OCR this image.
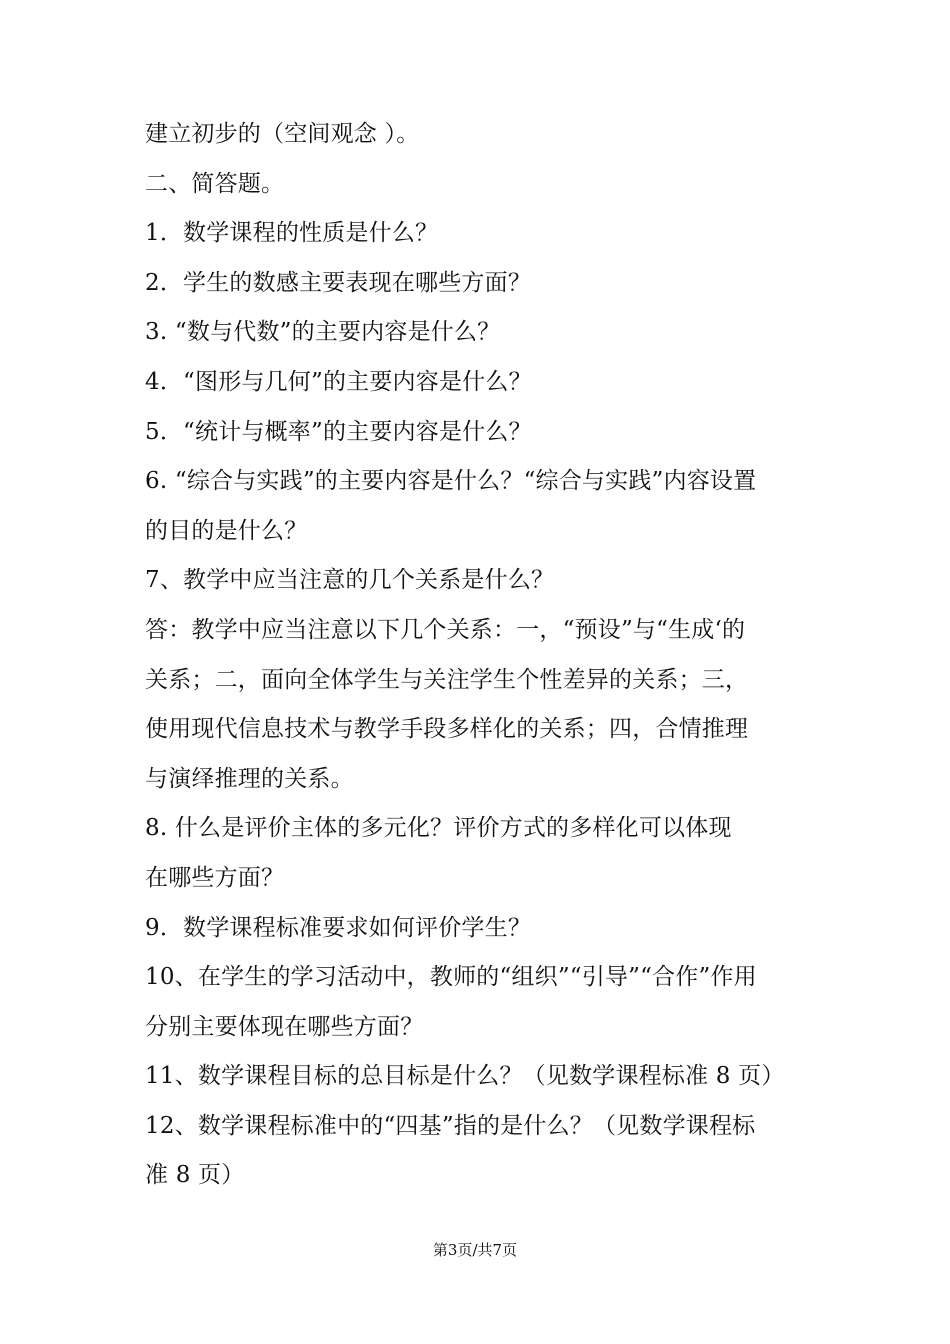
建立初步的（空间观念 ）。
二、简答题。
1．数学课程的性质是什么？
2．学生的数感主要表现在哪些方面？
3. “数与代数”的主要内容是什么？
4．“图形与几何”的主要内容是什么？
5．“统计与概率”的主要内容是什么？
6. “综合与实践”的主要内容是什么？“综合与实践”内容设置
的目的是什么？
7、教学中应当注意的几个关系是什么？
答：教学中应当注意以下几个关系：一，“预设”与“生成‘的
关系；二，面向全体学生与关注学生个性差异的关系；三，
使用现代信息技术与教学手段多样化的关系；四，合情推理
与演绎推理的关系。
8. 什么是评价主体的多元化？评价方式的多样化可以体现
在哪些方面？
9．数学课程标准要求如何评价学生？
10、在学生的学习活动中，教师的“组织”“引导”“合作”作用
分别主要体现在哪些方面？
11、数学课程目标的总目标是什么？（见数学课程标准 8 页）
12、数学课程标准中的“四基”指的是什么？（见数学课程标
准 8 页）
第3页/共7页
